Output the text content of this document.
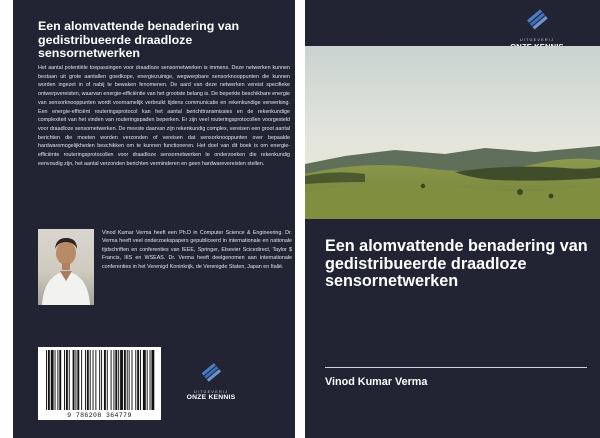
Een alomvattende benadering van gedistribueerde draadloze sensornetwerken

Het aantal potentiële toepassingen voor draadloze sensornetwerken is immens. Deze netwerken kunnen bestaan uit grote aantallen goedkope, energiezuinige, wegwerpbare sensorknooppunten die kunnen worden ingezet in of nabij te bewaken fenomenen. De aard van deze netwerken vereist specifieke ontwerpvereisten, waarvan energie-efficiëntie van het grootste belang is. De beperkte beschikbare energie van sensorknooppunten wordt voornamelijk verbruikt tijdens communicatie en rekenkundige verwerking. Een energie-efficiënt routeringsprotocol kan het aantal berichttransmissies en de rekenkundige complexiteit van het vinden van routeringspaden beperken. Er zijn veel routeringsprotocollen voorgesteld voor draadloze sensornetwerken. De meeste daarvan zijn rekenkundig complex, vereisen een groot aantal berichten die moeten worden verzonden of vereisen dat sensorknooppunten over bepaalde hardwaremogelijkheden beschikken om te kunnen functioneren. Het doel van dit boek is om energie-efficiënte routeringsprotocollen voor draadloze sensornetwerken te onderzoeken die rekenkundig eenvoudig zijn, het aantal verzonden berichten verminderen en geen hardwarevereisten stellen.

Vinod Kumar Verma heeft een Ph.D in Computer Science & Engineering. Dr. Verma heeft veel onderzoekspapers gepubliceerd in internationale en nationale tijdschriften en conferenties van IEEE, Springer, Elsevier Scicedirect, Taylor $ Francis, IIIS en WSEAS. Dr. Verma heeft deelgenomen aan internationale conferenties in het Verenigd Koninkrijk, de Verenigde Staten, Japan en Italië.

9 786208 364779
UITGEVERIJ
ONZE KENNIS
UITGEVERIJ
Een alomvattende benadering van gedistribueerde draadloze sensornetwerken

Vinod Kumar Verma
